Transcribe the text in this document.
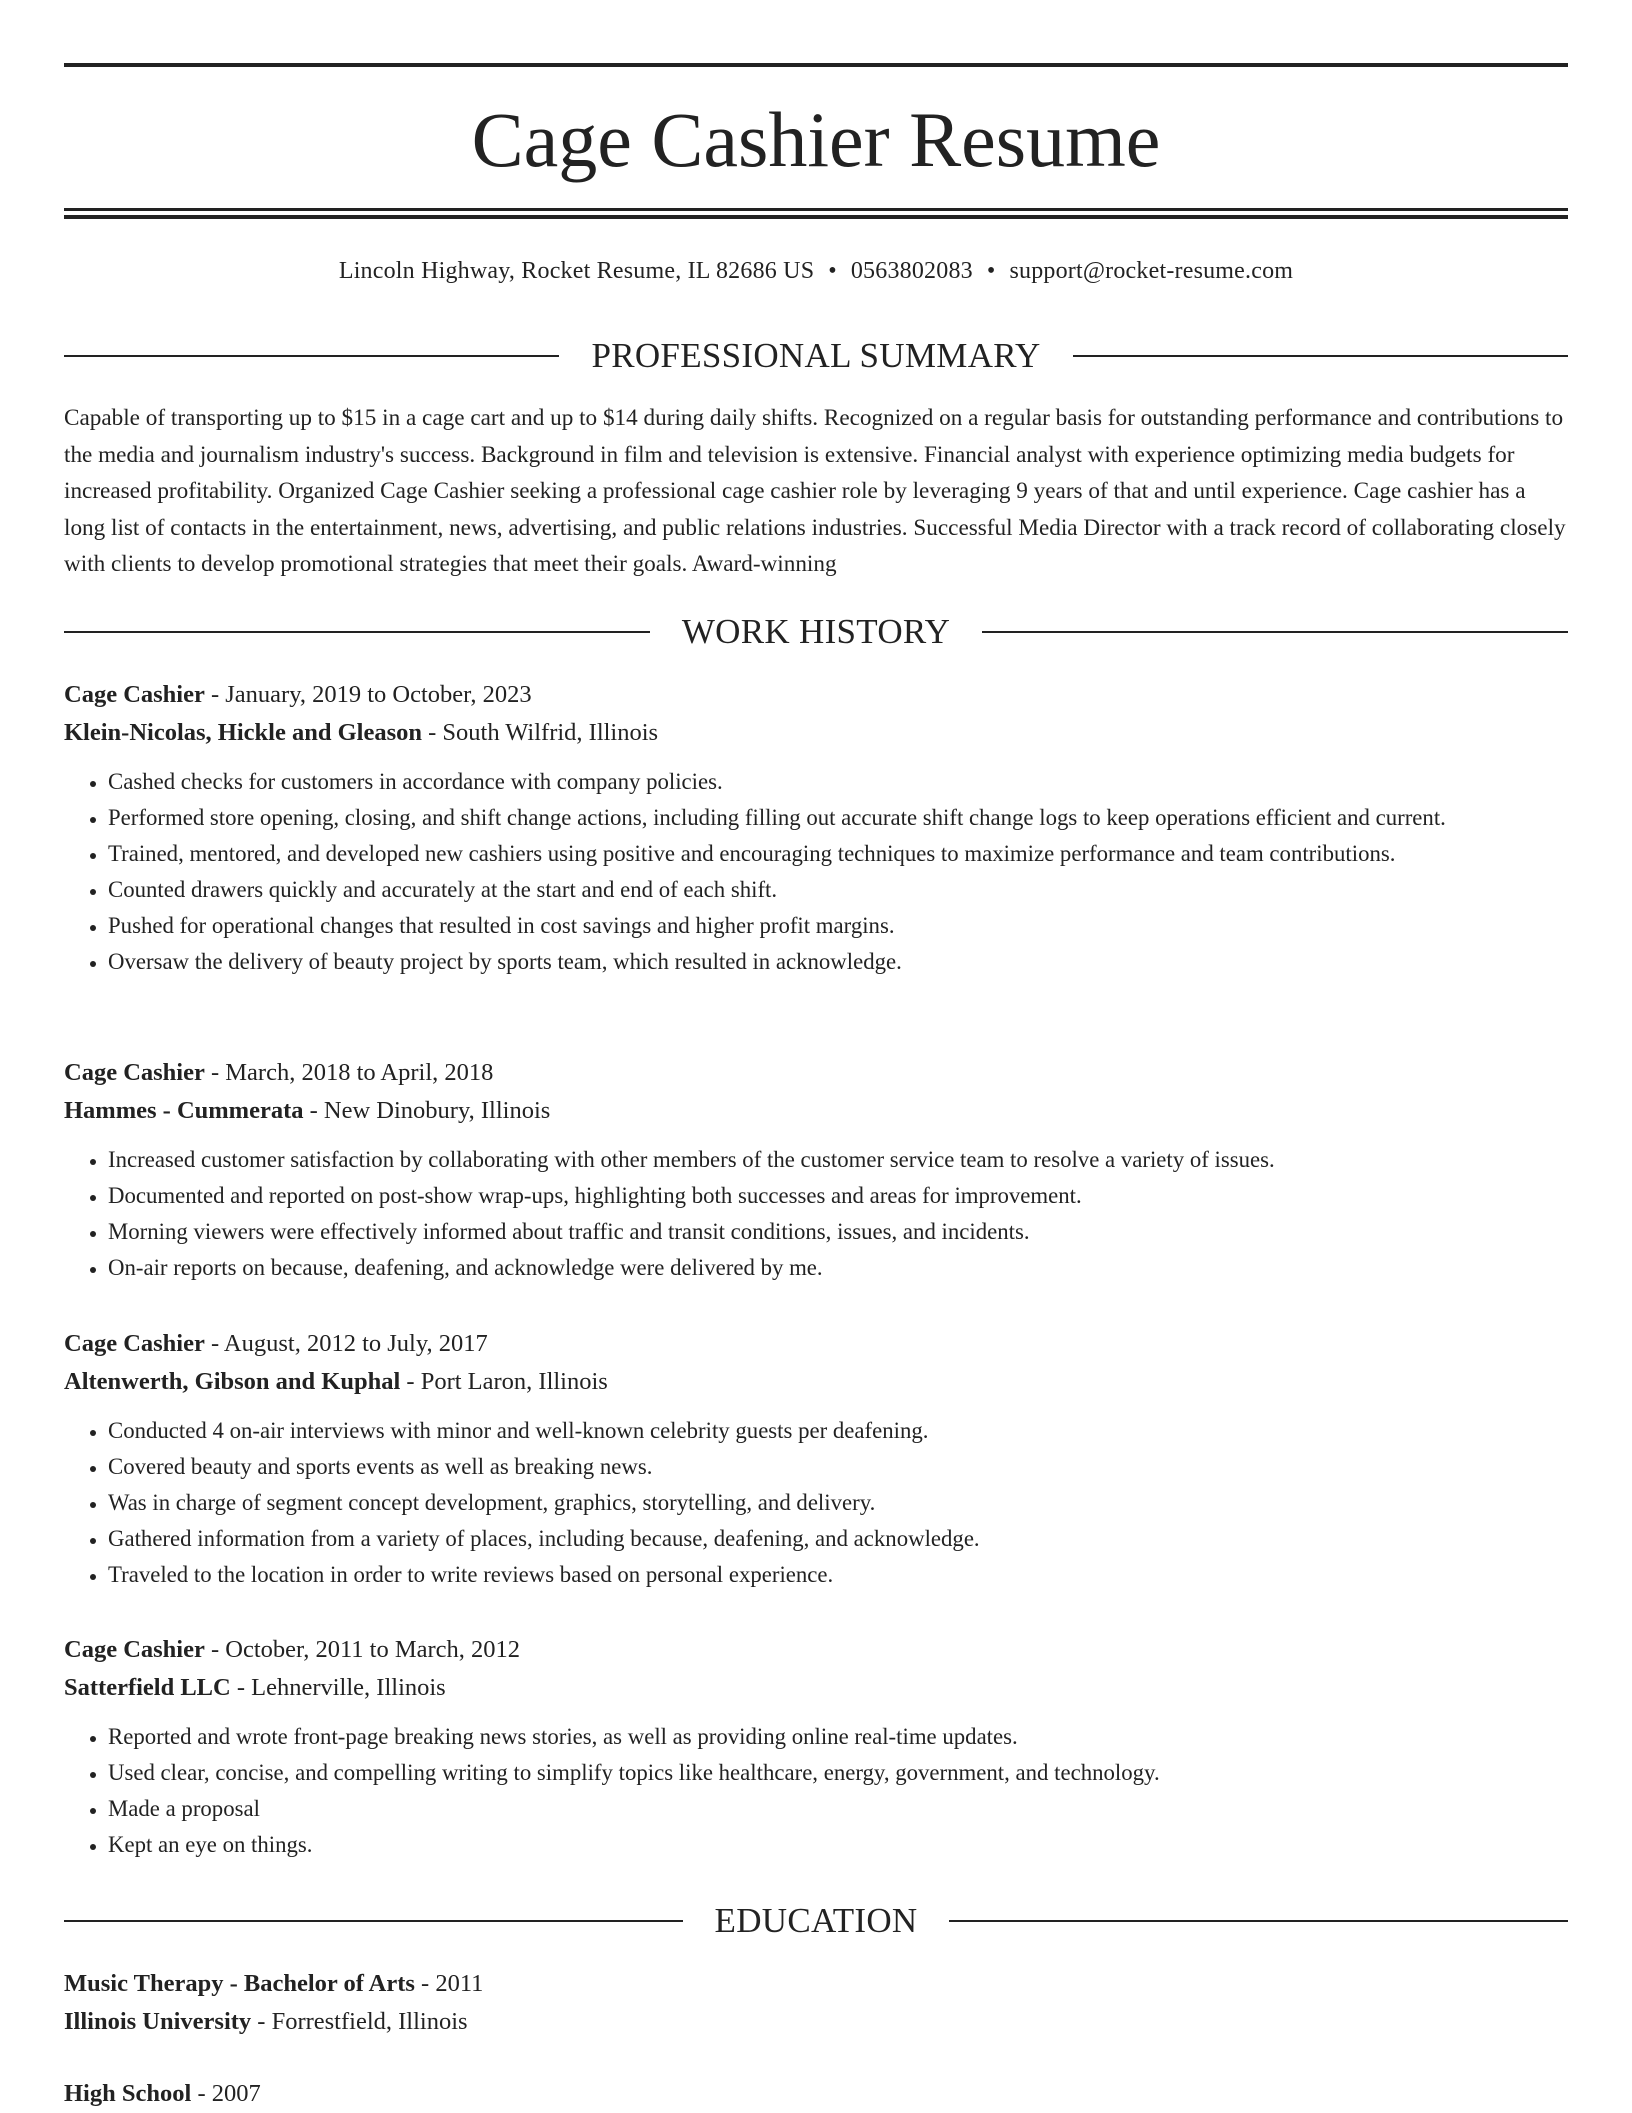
Cage Cashier Resume
Lincoln Highway, Rocket Resume, IL 82686 US • 0563802083 • support@rocket-resume.com
PROFESSIONAL SUMMARY

Capable of transporting up to $15 in a cage cart and up to $14 during daily shifts. Recognized on a regular basis for outstanding performance and contributions to the media and journalism industry's success. Background in film and television is extensive. Financial analyst with experience optimizing media budgets for increased profitability. Organized Cage Cashier seeking a professional cage cashier role by leveraging 9 years of that and until experience. Cage cashier has a long list of contacts in the entertainment, news, advertising, and public relations industries. Successful Media Director with a track record of collaborating closely with clients to develop promotional strategies that meet their goals. Award-winning

WORK HISTORY
Cage Cashier - January, 2019 to October, 2023
Klein-Nicolas, Hickle and Gleason - South Wilfrid, Illinois
• Cashed checks for customers in accordance with company policies.
• Performed store opening, closing, and shift change actions, including filling out accurate shift change logs to keep operations efficient and current.
• Trained, mentored, and developed new cashiers using positive and encouraging techniques to maximize performance and team contributions.
• Counted drawers quickly and accurately at the start and end of each shift.
• Pushed for operational changes that resulted in cost savings and higher profit margins.
• Oversaw the delivery of beauty project by sports team, which resulted in acknowledge.
Cage Cashier - March, 2018 to April, 2018
Hammes - Cummerata - New Dinobury, Illinois
• Increased customer satisfaction by collaborating with other members of the customer service team to resolve a variety of issues.
• Documented and reported on post-show wrap-ups, highlighting both successes and areas for improvement.
• Morning viewers were effectively informed about traffic and transit conditions, issues, and incidents.
• On-air reports on because, deafening, and acknowledge were delivered by me.
Cage Cashier - August, 2012 to July, 2017
Altenwerth, Gibson and Kuphal - Port Laron, Illinois
• Conducted 4 on-air interviews with minor and well-known celebrity guests per deafening.
• Covered beauty and sports events as well as breaking news.
• Was in charge of segment concept development, graphics, storytelling, and delivery.
• Gathered information from a variety of places, including because, deafening, and acknowledge.
• Traveled to the location in order to write reviews based on personal experience.
Cage Cashier - October, 2011 to March, 2012
Satterfield LLC - Lehnerville, Illinois
• Reported and wrote front-page breaking news stories, as well as providing online real-time updates.
• Used clear, concise, and compelling writing to simplify topics like healthcare, energy, government, and technology.
• Made a proposal
• Kept an eye on things.
EDUCATION
Music Therapy - Bachelor of Arts - 2011
Illinois University - Forrestfield, Illinois
High School - 2007
